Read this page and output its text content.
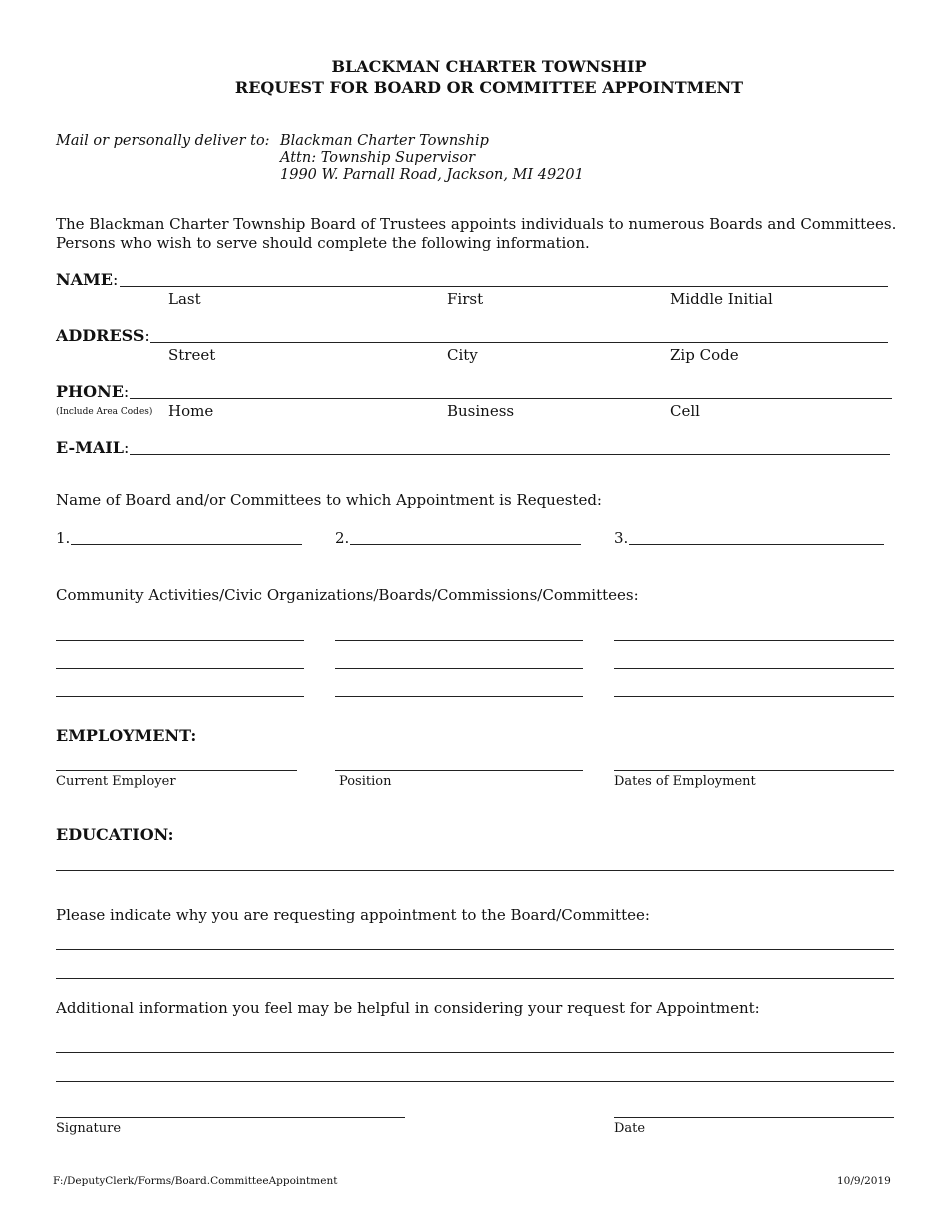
BLACKMAN CHARTER TOWNSHIP
REQUEST FOR BOARD OR COMMITTEE APPOINTMENT
Mail or personally deliver to: Blackman Charter Township
Attn: Township Supervisor
1990 W. Parnall Road, Jackson, MI 49201
The Blackman Charter Township Board of Trustees appoints individuals to numerous Boards and Committees.
Persons who wish to serve should complete the following information.
NAME:
Last	First	Middle Initial
ADDRESS:
Street	City	Zip Code
PHONE:
(Include Area Codes) Home	Business	Cell
E-MAIL:
Name of Board and/or Committees to which Appointment is Requested:
1.	2.	3.
Community Activities/Civic Organizations/Boards/Commissions/Committees:
EMPLOYMENT:
Current Employer	Position	Dates of Employment
EDUCATION:
Please indicate why you are requesting appointment to the Board/Committee:
Additional information you feel may be helpful in considering your request for Appointment:
Signature	Date
F:/DeputyClerk/Forms/Board.CommitteeAppointment	10/9/2019
